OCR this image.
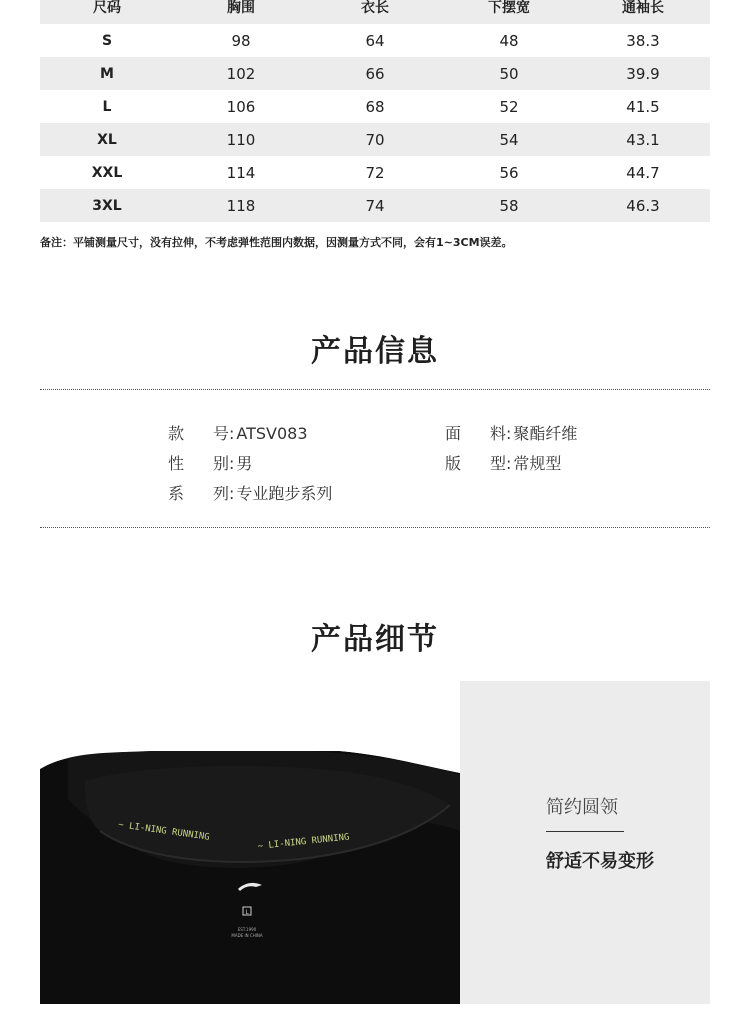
尺码	胸围	衣长	下摆宽	通袖长
S	98	64	48	38.3
M	102	66	50	39.9
L	106	68	52	41.5
XL	110	70	54	43.1
XXL	114	72	56	44.7
3XL	118	74	58	46.3
备注：平铺测量尺寸，没有拉伸，不考虑弹性范围内数据，因测量方式不同，会有1~3CM误差。
产品信息
款 号: ATSV083	面 料: 聚酯纤维
性 别: 男	版 型: 常规型
系 列: 专业跑步系列
产品细节
~ LI-NING RUNNING	~ LI-NING RUNNING
L
EST.1990
MADE IN CHINA
简约圆领
舒适不易变形
